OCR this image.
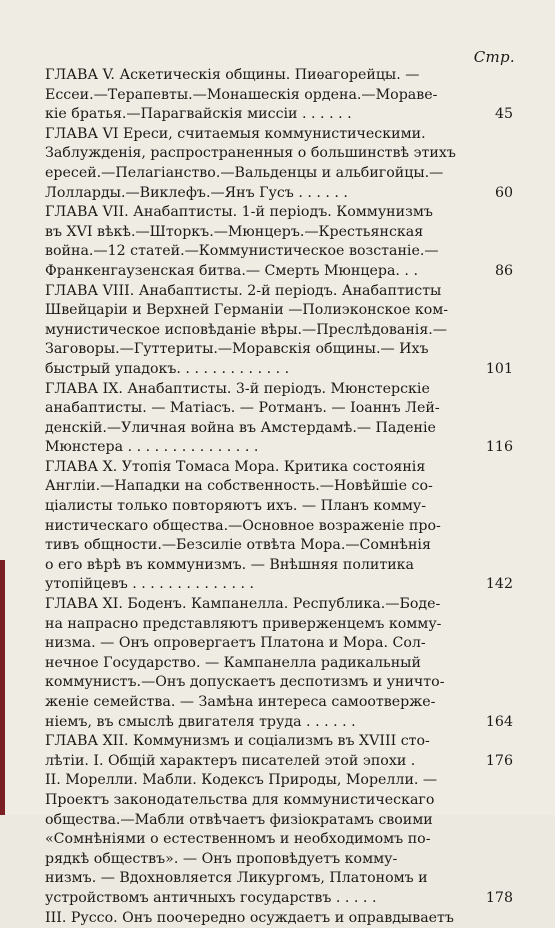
Стр.
ГЛАВА V. Аскетическія общины. Пиѳагорейцы. —
Ессеи.—Терапевты.—Монашескія ордена.—Мораве-
кіе братья.—Парагвайскія миссіи . . . . . .	45
ГЛАВА VI Ереси, считаемыя коммунистическими.
Заблужденія, распространенныя о большинствѣ этихъ
ересей.—Пелагіанство.—Вальденцы и альбигойцы.—
Лолларды.—Виклефъ.—Янъ Гусъ . . . . . .	60
ГЛАВА VII. Анабаптисты. 1-й періодъ. Коммунизмъ
въ XVI вѣкѣ.—Шторкъ.—Мюнцеръ.—Крестьянская
война.—12 статей.—Коммунистическое возстаніе.—
Франкенгаузенская битва.— Смерть Мюнцера. . .	86
ГЛАВА VIII. Анабаптисты. 2-й періодъ. Анабаптисты
Швейцаріи и Верхней Германіи —Полиэконское ком-
мунистическое исповѣданіе вѣры.—Преслѣдованія.—
Заговоры.—Гуттериты.—Моравскія общины.— Ихъ
быстрый упадокъ. . . . . . . . . . . . .	101
ГЛАВА IX. Анабаптисты. 3-й періодъ. Мюнстерскіе
анабаптисты. — Матіасъ. — Ротманъ. — Іоаннъ Лей-
денскій.—Уличная война въ Амстердамѣ.— Паденіе
Мюнстера . . . . . . . . . . . . . . .	116
ГЛАВА X. Утопія Томаса Мора. Критика состоянія
Англіи.—Нападки на собственность.—Новѣйшіе со-
ціалисты только повторяютъ ихъ. — Планъ комму-
нистическаго общества.—Основное возраженіе про-
тивъ общности.—Безсиліе отвѣта Мора.—Сомнѣнія
о его вѣрѣ въ коммунизмъ. — Внѣшняя политика
утопійцевъ . . . . . . . . . . . . . .	142
ГЛАВА XI. Боденъ. Кампанелла. Республика.—Боде-
на напрасно представляютъ приверженцемъ комму-
низма. — Онъ опровергаетъ Платона и Мора. Сол-
нечное Государство. — Кампанелла радикальный
коммунистъ.—Онъ допускаетъ деспотизмъ и уничто-
женіе семейства. — Замѣна интереса самоотверже-
ніемъ, въ смыслѣ двигателя труда . . . . . .	164
ГЛАВА XII. Коммунизмъ и соціализмъ въ XVIII сто-
лѣтіи. I. Общій характеръ писателей этой эпохи .	176
II. Морелли. Мабли. Кодексъ Природы, Морелли. —
Проектъ законодательства для коммунистическаго
общества.—Мабли отвѣчаетъ физіократамъ своими
«Сомнѣніями о естественномъ и необходимомъ по-
рядкѣ обществъ». — Онъ проповѣдуетъ комму-
низмъ. — Вдохновляется Ликургомъ, Платономъ и
устройствомъ античныхъ государствъ . . . . .	178
III. Руссо. Онъ поочередно осуждаетъ и оправдываетъ
